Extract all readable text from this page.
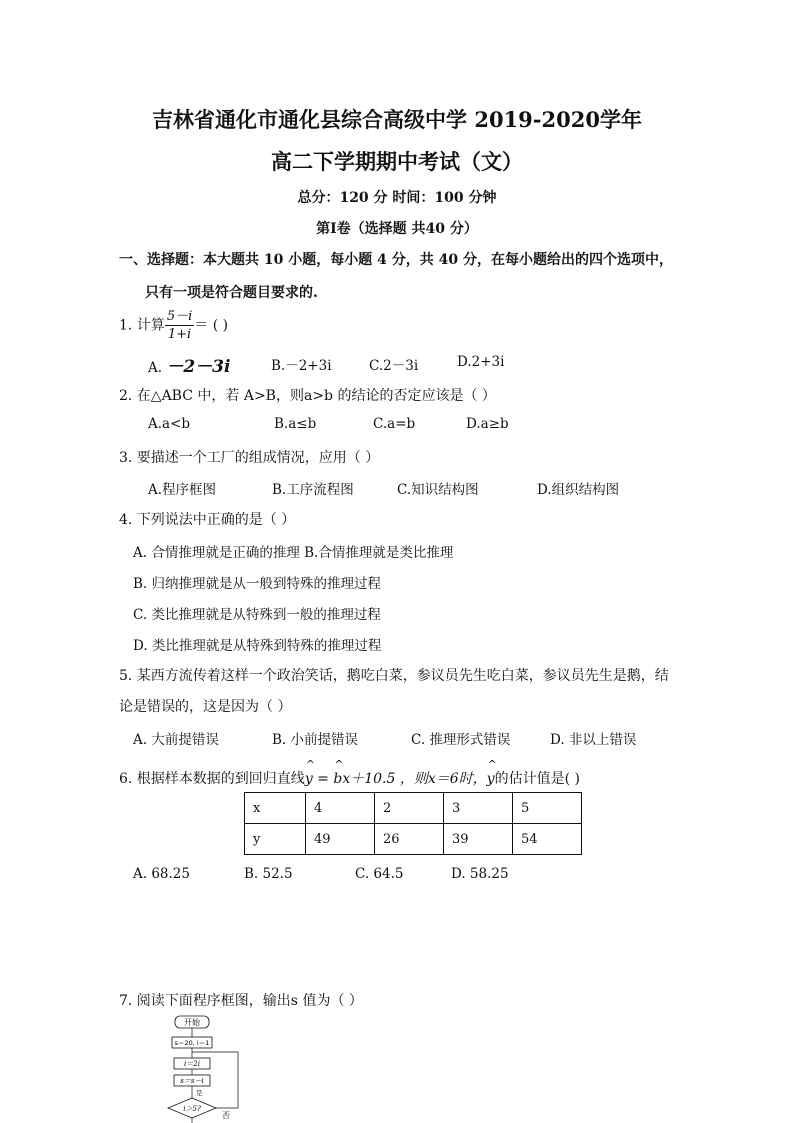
吉林省通化市通化县综合高级中学 2019-2020学年
高二下学期期中考试（文）
总分：120 分 时间：100 分钟
第Ⅰ卷（选择题 共40 分）
一、选择题：本大题共 10 小题，每小题 4 分，共 40 分，在每小题给出的四个选项中，
只有一项是符合题目要求的.
1. 计算 $\frac{5-i}{1+i}$ ＝ ( )
A. －2－3i	B.－2+3i	C.2－3i	D.2+3i
2. 在△ABC 中，若 A>B，则a>b 的结论的否定应该是（ ）
A.a<b	B.a≤b	C.a=b	D.a≥b
3. 要描述一个工厂的组成情况，应用（ ）
A.程序框图	B.工序流程图	C.知识结构图	D.组织结构图
4. 下列说法中正确的是（ ）
A. 合情推理就是正确的推理 B.合情推理就是类比推理
B. 归纳推理就是从一般到特殊的推理过程
C. 类比推理就是从特殊到一般的推理过程
D. 类比推理就是从特殊到特殊的推理过程
5. 某西方流传着这样一个政治笑话，鹅吃白菜，参议员先生吃白菜，参议员先生是鹅，结
论是错误的，这是因为（ ）
A. 大前提错误	B. 小前提错误	C. 推理形式错误	D. 非以上错误
6. 根据样本数据的到回归直线^ y = ^ bx＋10.5 ，则x＝6时，^ y的估计值是( )
x	4	2	3	5
y	49	26	39	54
A. 68.25	B. 52.5	C. 64.5	D. 58.25
7. 阅读下面程序框图，输出s 值为（ ）
开始
s＝20, i＝1
i＝2i
s＝s－i
是
i＞5?
否
